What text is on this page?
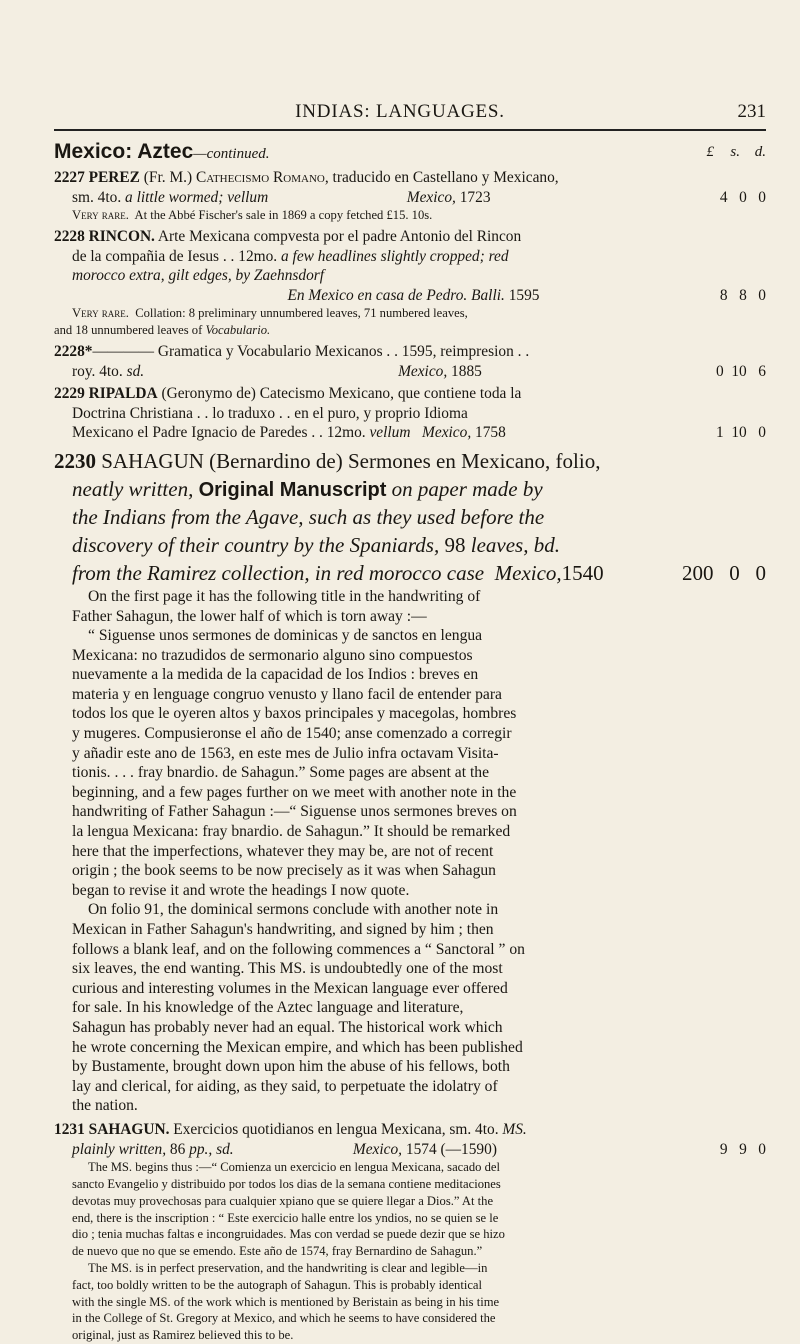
INDIAS: LANGUAGES.	231
Mexico: Aztec—continued.	£ s. d.
2227 PEREZ (Fr. M.) Cathecismo Romano, traducido en Castellano y Mexicano,
sm. 4to. a little wormed; vellum                                    Mexico, 1723	4   0   0
Very rare.  At the Abbé Fischer's sale in 1869 a copy fetched £15. 10s.
2228 RINCON. Arte Mexicana compvesta por el padre Antonio del Rincon
de la compañia de Iesus . . 12mo. a few headlines slightly cropped; red
morocco extra, gilt edges, by Zaehnsdorf
En Mexico en casa de Pedro. Balli. 1595	8   8   0
Very rare.  Collation: 8 preliminary unnumbered leaves, 71 numbered leaves,
and 18 unnumbered leaves of Vocabulario.
2228*———— Gramatica y Vocabulario Mexicanos . . 1595, reimpresion . .
roy. 4to. sd.                                                                  Mexico, 1885	0  10   6
2229 RIPALDA (Geronymo de) Catecismo Mexicano, que contiene toda la
Doctrina Christiana . . lo traduxo . . en el puro, y proprio Idioma
Mexicano el Padre Ignacio de Paredes . . 12mo. vellum   Mexico, 1758	1  10   0
2230 SAHAGUN (Bernardino de) Sermones en Mexicano, folio,
neatly written, Original Manuscript on paper made by
the Indians from the Agave, such as they used before the
discovery of their country by the Spaniards, 98 leaves, bd.
from the Ramirez collection, in red morocco case  Mexico,1540	200   0   0
On the first page it has the following title in the handwriting of
Father Sahagun, the lower half of which is torn away :—
“ Siguense unos sermones de dominicas y de sanctos en lengua
Mexicana: no trazudidos de sermonario alguno sino compuestos
nuevamente a la medida de la capacidad de los Indios : breves en
materia y en lenguage congruo venusto y llano facil de entender para
todos los que le oyeren altos y baxos principales y macegolas, hombres
y mugeres. Compusieronse el año de 1540; anse comenzado a corregir
y añadir este ano de 1563, en este mes de Julio infra octavam Visita-
tionis. . . . fray bnardio. de Sahagun.” Some pages are absent at the
beginning, and a few pages further on we meet with another note in the
handwriting of Father Sahagun :—“ Siguense unos sermones breves on
la lengua Mexicana: fray bnardio. de Sahagun.” It should be remarked
here that the imperfections, whatever they may be, are not of recent
origin ; the book seems to be now precisely as it was when Sahagun
began to revise it and wrote the headings I now quote.
On folio 91, the dominical sermons conclude with another note in
Mexican in Father Sahagun's handwriting, and signed by him ; then
follows a blank leaf, and on the following commences a “ Sanctoral ” on
six leaves, the end wanting. This MS. is undoubtedly one of the most
curious and interesting volumes in the Mexican language ever offered
for sale. In his knowledge of the Aztec language and literature,
Sahagun has probably never had an equal. The historical work which
he wrote concerning the Mexican empire, and which has been published
by Bustamente, brought down upon him the abuse of his fellows, both
lay and clerical, for aiding, as they said, to perpetuate the idolatry of
the nation.
1231 SAHAGUN. Exercicios quotidianos en lengua Mexicana, sm. 4to. MS.
plainly written, 86 pp., sd.                               Mexico, 1574 (—1590)	9   9   0
The MS. begins thus :—“ Comienza un exercicio en lengua Mexicana, sacado del
sancto Evangelio y distribuido por todos los dias de la semana contiene meditaciones
devotas muy provechosas para cualquier xpiano que se quiere llegar a Dios.” At the
end, there is the inscription : “ Este exercicio halle entre los yndios, no se quien se le
dio ; tenia muchas faltas e incongruidades. Mas con verdad se puede dezir que se hizo
de nuevo que no que se emendo. Este año de 1574, fray Bernardino de Sahagun.”
The MS. is in perfect preservation, and the handwriting is clear and legible—in
fact, too boldly written to be the autograph of Sahagun. This is probably identical
with the single MS. of the work which is mentioned by Beristain as being in his time
in the College of St. Gregory at Mexico, and which he seems to have considered the
original, just as Ramirez believed this to be.
